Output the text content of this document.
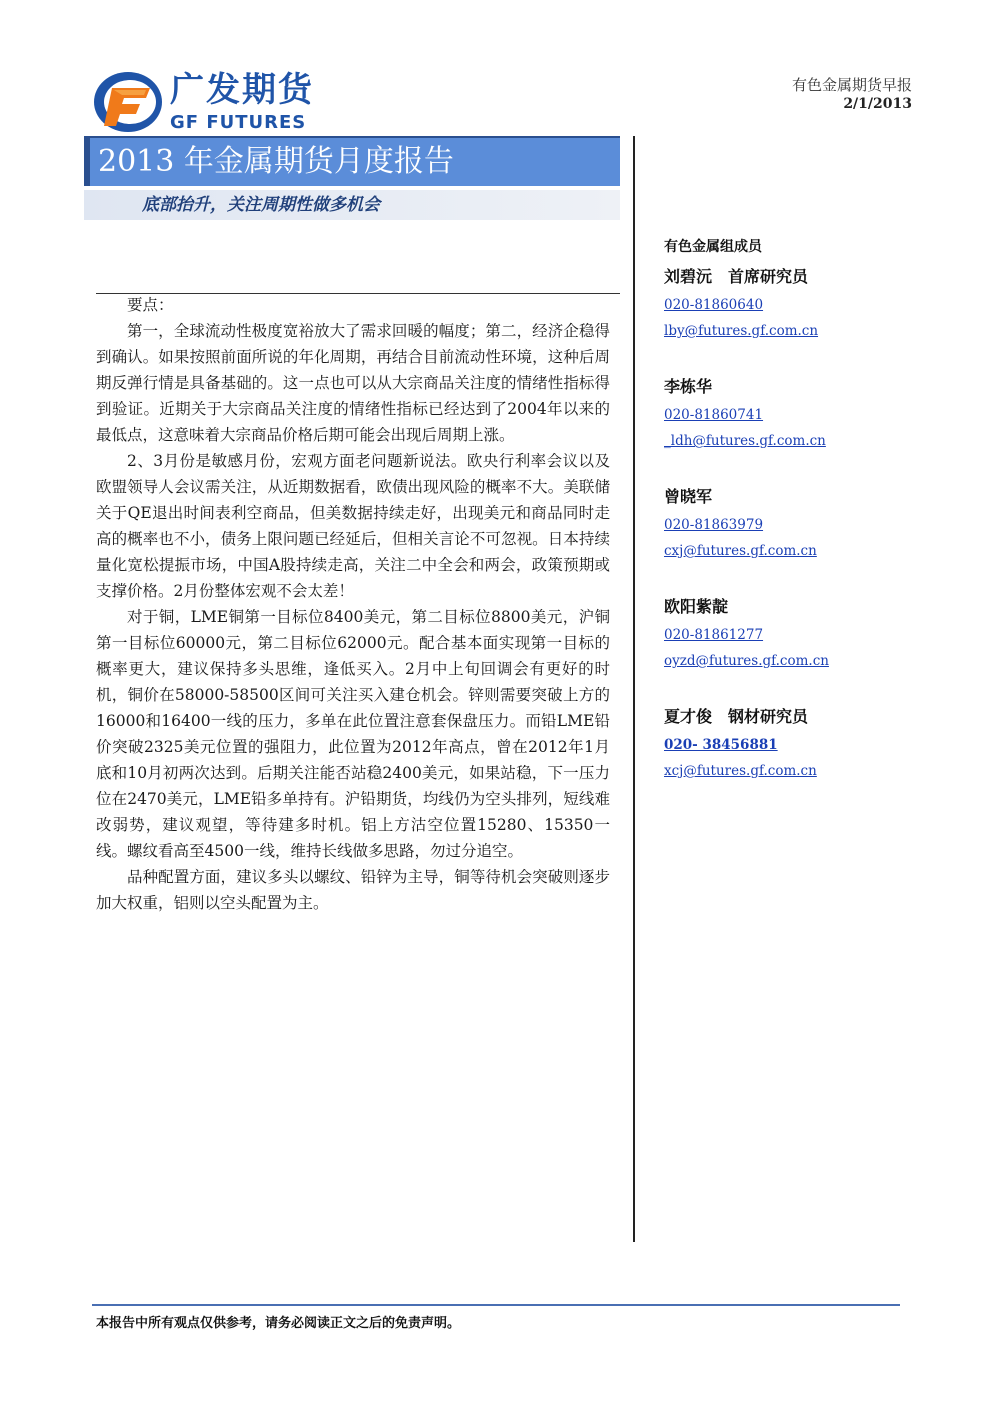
广发期货
GF FUTURES
有色金属期货早报
2/1/2013
2013 年金属期货月度报告
底部抬升，关注周期性做多机会

要点：

第一，全球流动性极度宽裕放大了需求回暖的幅度；第二，经济企稳得到确认。如果按照前面所说的年化周期，再结合目前流动性环境，这种后周期反弹行情是具备基础的。这一点也可以从大宗商品关注度的情绪性指标得到验证。近期关于大宗商品关注度的情绪性指标已经达到了2004年以来的最低点，这意味着大宗商品价格后期可能会出现后周期上涨。

2、3月份是敏感月份，宏观方面老问题新说法。欧央行利率会议以及欧盟领导人会议需关注，从近期数据看，欧债出现风险的概率不大。美联储关于QE退出时间表利空商品，但美数据持续走好，出现美元和商品同时走高的概率也不小，债务上限问题已经延后，但相关言论不可忽视。日本持续量化宽松提振市场，中国A股持续走高，关注二中全会和两会，政策预期或支撑价格。2月份整体宏观不会太差！

对于铜，LME铜第一目标位8400美元，第二目标位8800美元，沪铜第一目标位60000元，第二目标位62000元。配合基本面实现第一目标的概率更大，建议保持多头思维，逢低买入。2月中上旬回调会有更好的时机，铜价在58000-58500区间可关注买入建仓机会。锌则需要突破上方的16000和16400一线的压力，多单在此位置注意套保盘压力。而铅LME铅价突破2325美元位置的强阻力，此位置为2012年高点，曾在2012年1月底和10月初两次达到。后期关注能否站稳2400美元，如果站稳，下一压力位在2470美元，LME铅多单持有。沪铅期货，均线仍为空头排列，短线难改弱势，建议观望，等待建多时机。铝上方沽空位置15280、15350一线。螺纹看高至4500一线，维持长线做多思路，勿过分追空。

品种配置方面，建议多头以螺纹、铅锌为主导，铜等待机会突破则逐步加大权重，铝则以空头配置为主。

有色金属组成员
刘碧沅　首席研究员
020-81860640
lby@futures.gf.com.cn
李栋华
020-81860741
_ldh@futures.gf.com.cn
曾晓军
020-81863979
cxj@futures.gf.com.cn
欧阳紫靛
020-81861277
oyzd@futures.gf.com.cn
夏才俊　钢材研究员
020- 38456881
xcj@futures.gf.com.cn
本报告中所有观点仅供参考，请务必阅读正文之后的免责声明。
